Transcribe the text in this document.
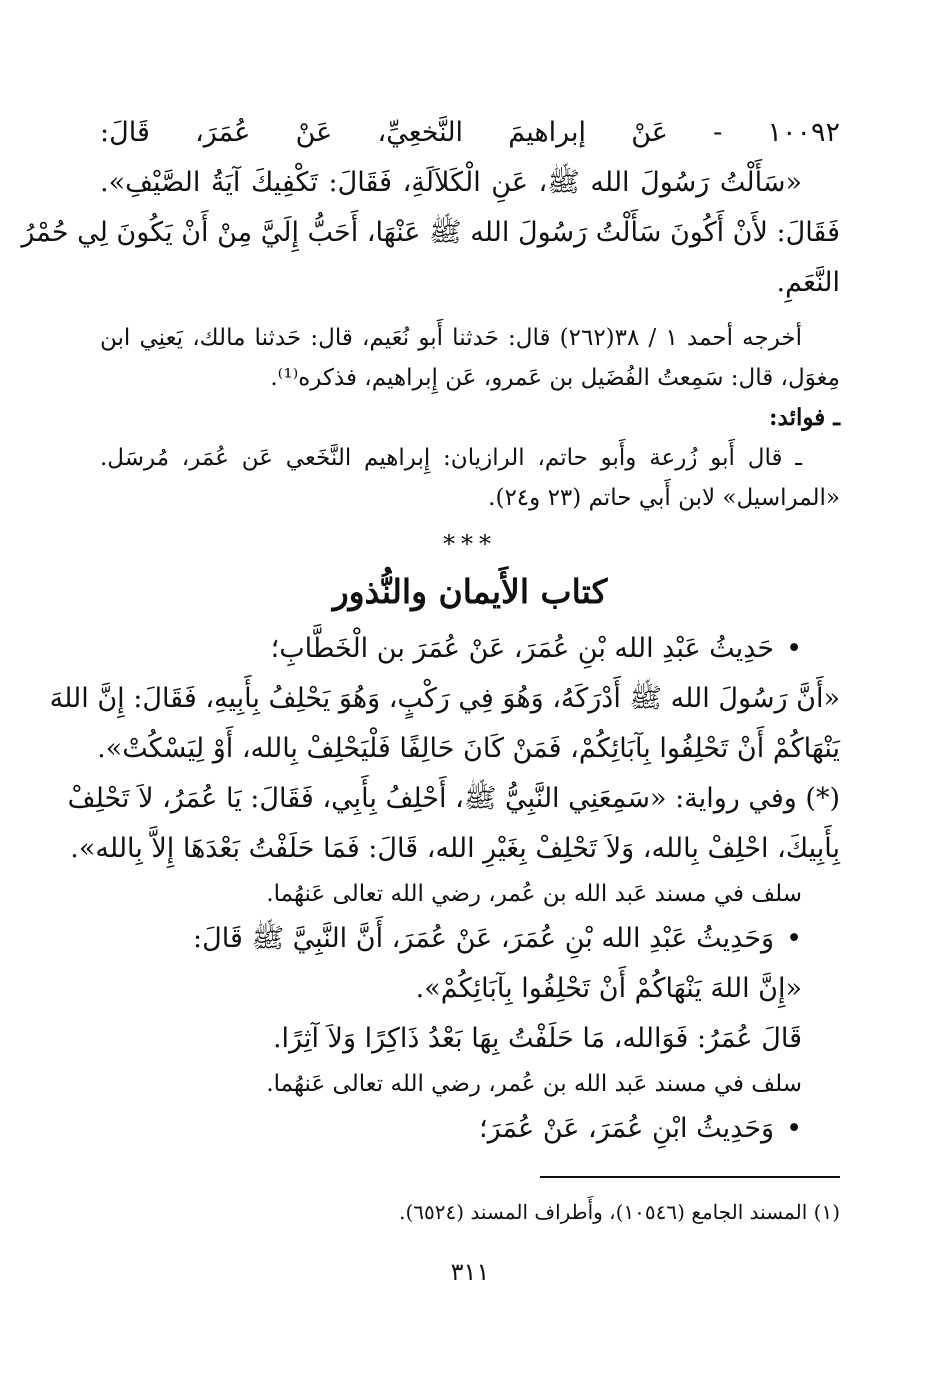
١٠٠٩٢ - عَنْ إبراهيمَ النَّخعِيِّ، عَنْ عُمَرَ، قَالَ:
«سَأَلْتُ رَسُولَ الله ﷺ، عَنِ الْكَلاَلَةِ، فَقَالَ: تَكْفِيكَ آيَةُ الصَّيْفِ».
فَقَالَ: لأَنْ أَكُونَ سَأَلْتُ رَسُولَ الله ﷺ عَنْهَا، أَحَبُّ إِلَيَّ مِنْ أَنْ يَكُونَ لِي حُمْرُ
النَّعَمِ.
أخرجه أحمد ١ / ٣٨(٢٦٢) قال: حَدثنا أَبو نُعَيم، قال: حَدثنا مالك، يَعنِي ابن
مِغوَل، قال: سَمِعتُ الفُضَيل بن عَمرو، عَن إِبراهيم، فذكره⁽¹⁾.
ـ فوائد:
ـ قال أَبو زُرعة وأَبو حاتم، الرازيان: إِبراهيم النَّخَعي عَن عُمَر، مُرسَل.
«المراسيل» لابن أَبي حاتم (٢٣ و٢٤).
***
كتاب الأَيمان والنُّذور
•حَدِيثُ عَبْدِ الله بْنِ عُمَرَ، عَنْ عُمَرَ بن الْخَطَّابِ؛
«أَنَّ رَسُولَ الله ﷺ أَدْرَكَهُ، وَهُوَ فِي رَكْبٍ، وَهُوَ يَحْلِفُ بِأَبِيهِ، فَقَالَ: إِنَّ اللهَ
يَنْهَاكُمْ أَنْ تَحْلِفُوا بِآبَائِكُمْ، فَمَنْ كَانَ حَالِفًا فَلْيَحْلِفْ بِالله، أَوْ لِيَسْكُتْ».
(*) وفي رواية: «سَمِعَنِي النَّبِيُّ ﷺ، أَحْلِفُ بِأَبِي، فَقَالَ: يَا عُمَرُ، لاَ تَحْلِفْ
بِأَبِيكَ، احْلِفْ بِالله، وَلاَ تَحْلِفْ بِغَيْرِ الله، قَالَ: فَمَا حَلَفْتُ بَعْدَهَا إِلاَّ بِالله».
سلف في مسند عَبد الله بن عُمر، رضي الله تعالى عَنهُما.
•وَحَدِيثُ عَبْدِ الله بْنِ عُمَرَ، عَنْ عُمَرَ، أَنَّ النَّبِيَّ ﷺ قَالَ:
«إِنَّ اللهَ يَنْهَاكُمْ أَنْ تَحْلِفُوا بِآبَائِكُمْ».
قَالَ عُمَرُ: فَوَالله، مَا حَلَفْتُ بِهَا بَعْدُ ذَاكِرًا وَلاَ آثِرًا.
سلف في مسند عَبد الله بن عُمر، رضي الله تعالى عَنهُما.
•وَحَدِيثُ ابْنِ عُمَرَ، عَنْ عُمَرَ؛
(١) المسند الجامع (١٠٥٤٦)، وأَطراف المسند (٦٥٢٤).
٣١١
